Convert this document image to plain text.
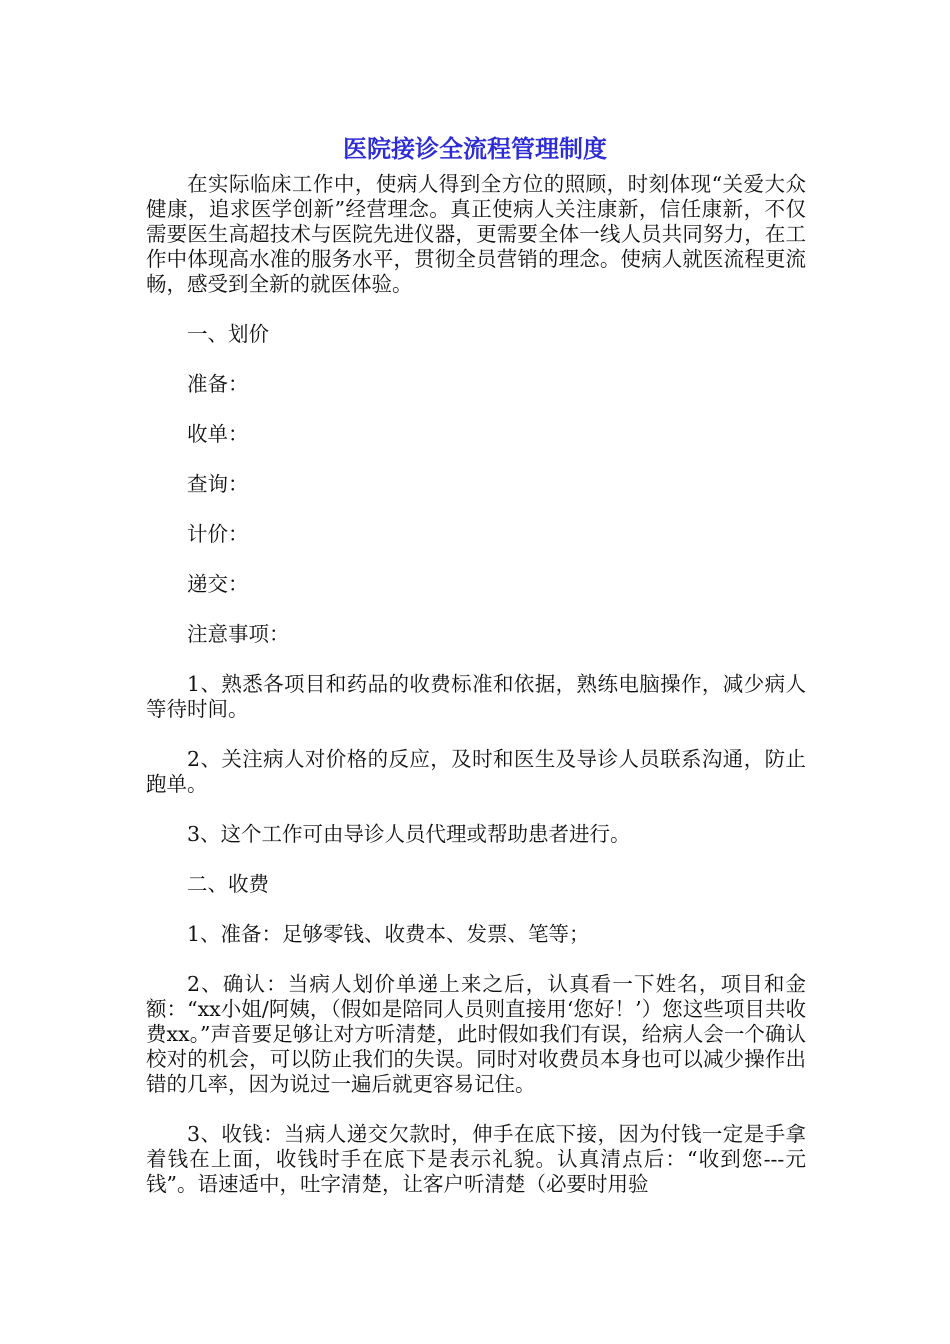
医院接诊全流程管理制度

在实际临床工作中，使病人得到全方位的照顾，时刻体现“关爱大众健康，追求医学创新”经营理念。真正使病人关注康新，信任康新，不仅需要医生高超技术与医院先进仪器，更需要全体一线人员共同努力，在工作中体现高水准的服务水平，贯彻全员营销的理念。使病人就医流程更流畅，感受到全新的就医体验。

一、划价

准备：

收单：

查询：

计价：

递交：

注意事项：

1、熟悉各项目和药品的收费标准和依据，熟练电脑操作，减少病人等待时间。

2、关注病人对价格的反应，及时和医生及导诊人员联系沟通，防止跑单。

3、这个工作可由导诊人员代理或帮助患者进行。

二、收费

1、准备：足够零钱、收费本、发票、笔等；

2、确认：当病人划价单递上来之后，认真看一下姓名，项目和金额：“xx小姐/阿姨，（假如是陪同人员则直接用‘您好！’）您这些项目共收费xx。”声音要足够让对方听清楚，此时假如我们有误，给病人会一个确认校对的机会，可以防止我们的失误。同时对收费员本身也可以减少操作出错的几率，因为说过一遍后就更容易记住。

3、收钱：当病人递交欠款时，伸手在底下接，因为付钱一定是手拿着钱在上面，收钱时手在底下是表示礼貌。认真清点后：“收到您---元钱”。语速适中，吐字清楚，让客户听清楚（必要时用验
